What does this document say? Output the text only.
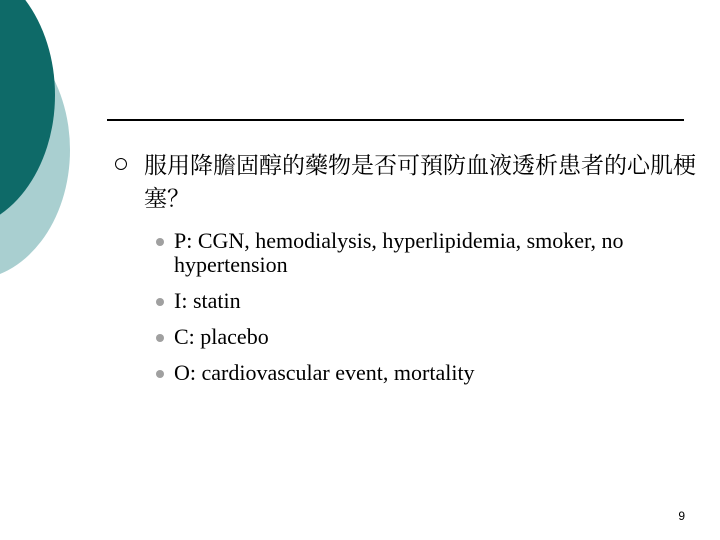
服用降膽固醇的藥物是否可預防血液透析患者的心肌梗塞？
P: CGN, hemodialysis, hyperlipidemia, smoker, no hypertension
I: statin
C: placebo
O: cardiovascular event, mortality
9
